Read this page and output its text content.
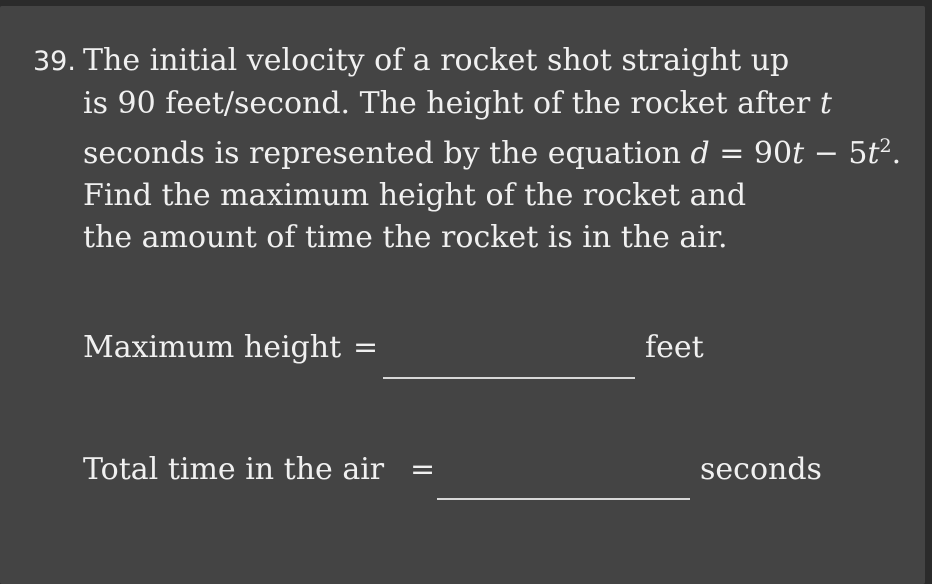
39. The initial velocity of a rocket shot straight up
is 90 feet/second. The height of the rocket after t
seconds is represented by the equation $d = 90t - 5t^2$.
Find the maximum height of the rocket and
the amount of time the rocket is in the air.
Maximum height =	feet
Total time in the air =	seconds
